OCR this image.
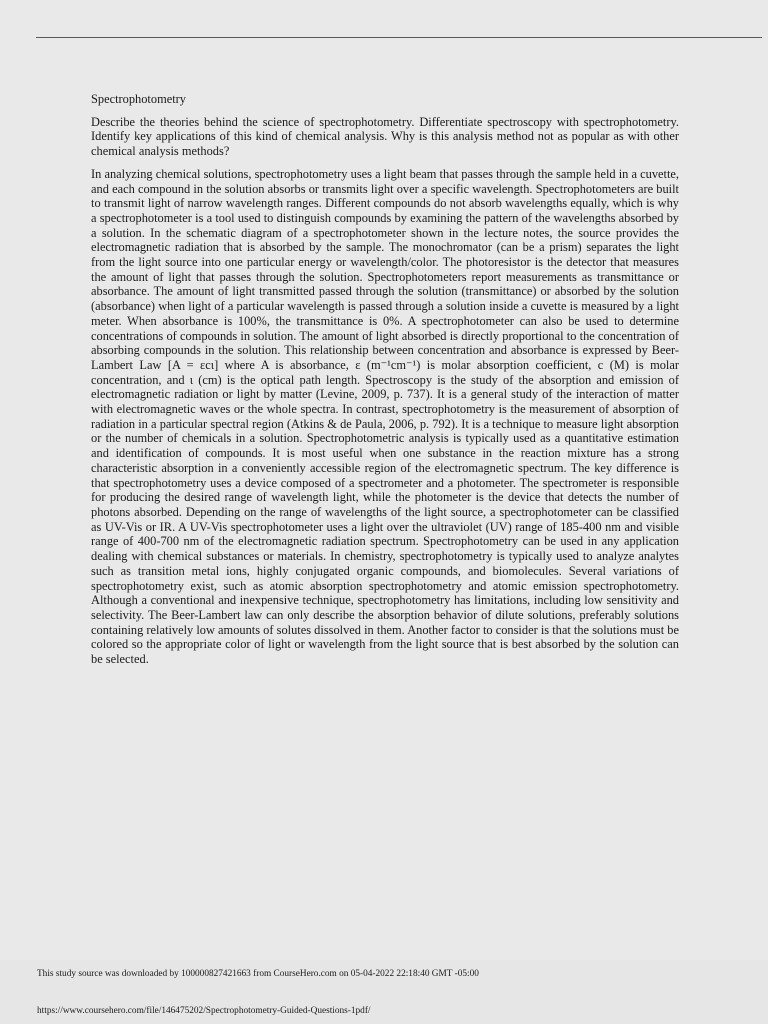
Spectrophotometry

Describe the theories behind the science of spectrophotometry. Differentiate spectroscopy with spectrophotometry. Identify key applications of this kind of chemical analysis. Why is this analysis method not as popular as with other chemical analysis methods?

In analyzing chemical solutions, spectrophotometry uses a light beam that passes through the sample held in a cuvette, and each compound in the solution absorbs or transmits light over a specific wavelength. Spectrophotometers are built to transmit light of narrow wavelength ranges. Different compounds do not absorb wavelengths equally, which is why a spectrophotometer is a tool used to distinguish compounds by examining the pattern of the wavelengths absorbed by a solution. In the schematic diagram of a spectrophotometer shown in the lecture notes, the source provides the electromagnetic radiation that is absorbed by the sample. The monochromator (can be a prism) separates the light from the light source into one particular energy or wavelength/color. The photoresistor is the detector that measures the amount of light that passes through the solution. Spectrophotometers report measurements as transmittance or absorbance. The amount of light transmitted passed through the solution (transmittance) or absorbed by the solution (absorbance) when light of a particular wavelength is passed through a solution inside a cuvette is measured by a light meter. When absorbance is 100%, the transmittance is 0%. A spectrophotometer can also be used to determine concentrations of compounds in solution. The amount of light absorbed is directly proportional to the concentration of absorbing compounds in the solution. This relationship between concentration and absorbance is expressed by Beer-Lambert Law [A = εcι] where A is absorbance, ε (m⁻¹cm⁻¹) is molar absorption coefficient, c (M) is molar concentration, and ι (cm) is the optical path length. Spectroscopy is the study of the absorption and emission of electromagnetic radiation or light by matter (Levine, 2009, p. 737). It is a general study of the interaction of matter with electromagnetic waves or the whole spectra. In contrast, spectrophotometry is the measurement of absorption of radiation in a particular spectral region (Atkins & de Paula, 2006, p. 792). It is a technique to measure light absorption or the number of chemicals in a solution. Spectrophotometric analysis is typically used as a quantitative estimation and identification of compounds. It is most useful when one substance in the reaction mixture has a strong characteristic absorption in a conveniently accessible region of the electromagnetic spectrum. The key difference is that spectrophotometry uses a device composed of a spectrometer and a photometer. The spectrometer is responsible for producing the desired range of wavelength light, while the photometer is the device that detects the number of photons absorbed. Depending on the range of wavelengths of the light source, a spectrophotometer can be classified as UV-Vis or IR. A UV-Vis spectrophotometer uses a light over the ultraviolet (UV) range of 185-400 nm and visible range of 400-700 nm of the electromagnetic radiation spectrum. Spectrophotometry can be used in any application dealing with chemical substances or materials. In chemistry, spectrophotometry is typically used to analyze analytes such as transition metal ions, highly conjugated organic compounds, and biomolecules. Several variations of spectrophotometry exist, such as atomic absorption spectrophotometry and atomic emission spectrophotometry. Although a conventional and inexpensive technique, spectrophotometry has limitations, including low sensitivity and selectivity. The Beer-Lambert law can only describe the absorption behavior of dilute solutions, preferably solutions containing relatively low amounts of solutes dissolved in them. Another factor to consider is that the solutions must be colored so the appropriate color of light or wavelength from the light source that is best absorbed by the solution can be selected.

This study source was downloaded by 100000827421663 from CourseHero.com on 05-04-2022 22:18:40 GMT -05:00
https://www.coursehero.com/file/146475202/Spectrophotometry-Guided-Questions-1pdf/
